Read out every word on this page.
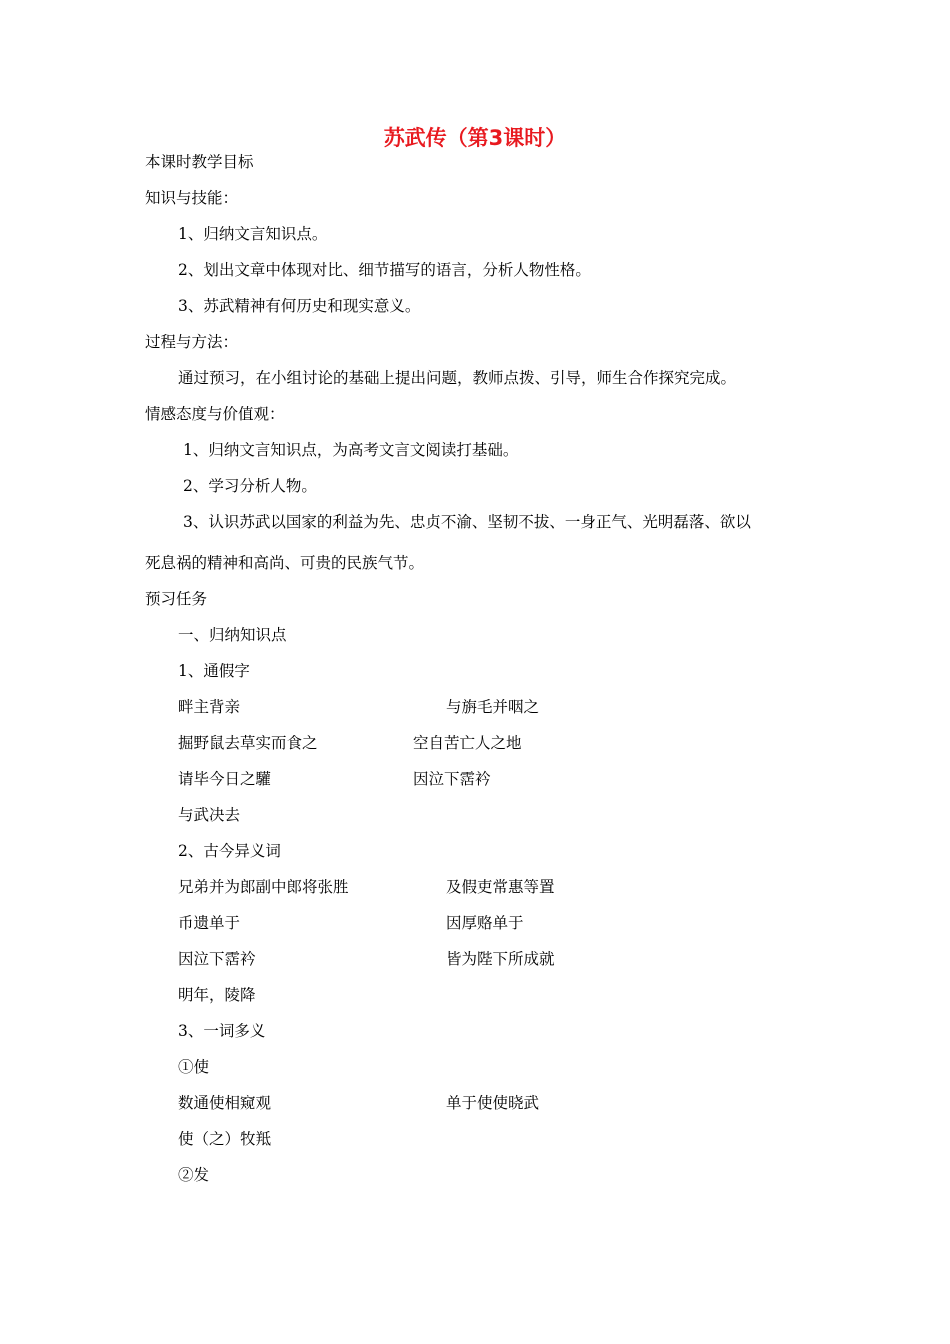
苏武传（第3课时）
本课时教学目标
知识与技能：
1、归纳文言知识点。
2、划出文章中体现对比、细节描写的语言，分析人物性格。
3、苏武精神有何历史和现实意义。
过程与方法：
通过预习，在小组讨论的基础上提出问题，教师点拨、引导，师生合作探究完成。
情感态度与价值观：
1、归纳文言知识点，为高考文言文阅读打基础。
2、学习分析人物。
3、认识苏武以国家的利益为先、忠贞不渝、坚韧不拔、一身正气、光明磊落、欲以
死息祸的精神和高尚、可贵的民族气节。
预习任务
一、归纳知识点
1、通假字
畔主背亲	与旃毛并咽之
掘野鼠去草实而食之	空自苦亡人之地
请毕今日之驩	因泣下霑衿
与武决去
2、古今异义词
兄弟并为郎副中郎将张胜	及假吏常惠等置
币遗单于	因厚赂单于
因泣下霑衿	皆为陛下所成就
明年，陵降
3、一词多义
①使
数通使相窥观	单于使使晓武
使（之）牧羝
②发
